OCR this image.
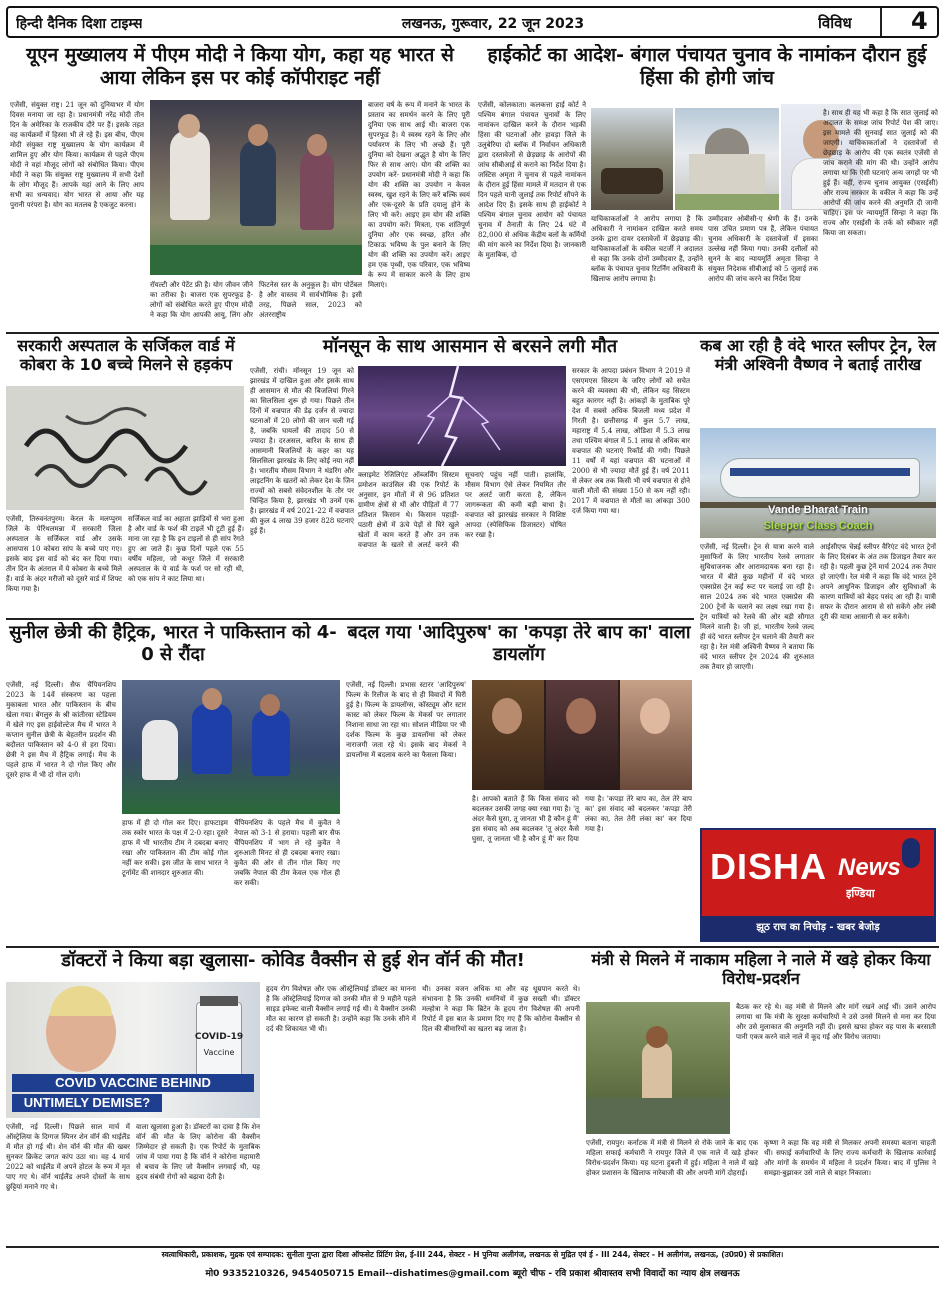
हिन्दी दैनिक दिशा टाइम्स	लखनऊ, गुरूवार, 22 जून 2023	विविध 4
यूएन मुख्यालय में पीएम मोदी ने किया योग, कहा यह भारत से आया लेकिन इस पर कोई कॉपीराइट नहीं
एजेंसी, संयुक्त राष्ट्र। 21 जून को दुनियाभर में योग दिवस मनाया जा रहा है। प्रधानमंत्री नरेंद्र मोदी तीन दिन के अमेरिका के राजकीय दौरे पर हैं। इसके तहत वह कार्यक्रमों में हिस्सा भी ले रहे हैं। इस बीच, पीएम मोदी संयुक्त राष्ट्र मुख्यालय के योग कार्यक्रम में शामिल हुए और योग किया। कार्यक्रम से पहले पीएम मोदी ने वहां मौजूद लोगों को संबोधित किया। पीएम मोदी ने कहा कि संयुक्त राष्ट्र मुख्यालय में सभी देशों के लोग मौजूद हैं। आपके यहां आने के लिए आप सभी का धन्यवाद। योग भारत से आया और यह पुरानी परंपरा है। योग का मतलब है एकजुट करना।
रॉयल्टी और पेटेंट फ्री है। योग जीवन जीने का तरीका है। बाजरा एक सुपरफूड है- लोगों को संबोधित करते हुए पीएम मोदी ने कहा कि योग आपकी आयु, लिंग और फिटनेस स्तर के अनुकूल है। योग पोर्टेबल है और वास्तव में सार्वभौमिक है। इसी तरह, पिछले साल, 2023 को अंतरराष्ट्रीय
बाजरा वर्ष के रूप में मनाने के भारत के प्रस्ताव का समर्थन करने के लिए पूरी दुनिया एक साथ आई थी। बाजरा एक सुपरफूड है। ये स्वस्थ रहने के लिए और पर्यावरण के लिए भी अच्छे हैं। पूरी दुनिया को देखना अद्भुत है योग के लिए फिर से साथ आएं। योग की शक्ति का उपयोग करें- प्रधानमंत्री मोदी ने कहा कि योग की शक्ति का उपयोग न केवल स्वस्थ, खुश रहने के लिए करें बल्कि स्वयं और एक-दूसरे के प्रति दयालु होने के लिए भी करें। आइए हम योग की शक्ति का उपयोग करें। मित्रता, एक शांतिपूर्ण दुनिया और एक स्वच्छ, हरित और टिकाऊ भविष्य के पुल बनाने के लिए योग की शक्ति का उपयोग करें। आइए हम एक पृथ्वी, एक परिवार, एक भविष्य के रूप में साकार करने के लिए हाथ मिलाएं।
हाईकोर्ट का आदेश- बंगाल पंचायत चुनाव के नामांकन दौरान हुई हिंसा की होगी जांच
एजेंसी, कोलकाता। कलकत्ता हाई कोर्ट ने पश्चिम बंगाल पंचायत चुनावों के लिए नामांकन दाखिल करने के दौरान भड़की हिंसा की घटनाओं और हावड़ा जिले के उलुबेरिया दो ब्लॉक में निर्वाचन अधिकारी द्वारा दस्तावेजों से छेड़छाड़ के आरोपों की जांच सीबीआई से कराने का निर्देश दिया है। जस्टिस अमृता ने चुनाव से पहले नामांकन के दौरान हुई हिंसा मामले में मतदान से एक दिन पहले यानी जुलाई तक रिपोर्ट सौंपने के आदेश दिए हैं। इसके साथ ही हाईकोर्ट ने पश्चिम बंगाल चुनाव आयोग को पंचायत चुनाव में तैनाती के लिए 24 घंटे में 82,000 से अधिक केंद्रीय बलों के कर्मियों की मांग करने का निर्देश दिया है। जानकारी के मुताबिक, दो
याचिकाकर्ताओं ने आरोप लगाया है कि अधिकारी ने नामांकन दाखिल करते समय उनके द्वारा दायर दस्तावेजों में छेड़छाड़ की। याचिकाकर्ताओं के वकील चटर्जी ने अदालत से कहा कि उनके दोनों उम्मीदवार हैं, उन्होंने ब्लॉक के पंचायत चुनाव रिटर्निंग अधिकारी के खिलाफ आरोप लगाया है।
उम्मीदवार ओबीसी-ए श्रेणी के हैं। उनके पास उचित प्रमाण पत्र हैं, लेकिन पंचायत चुनाव अधिकारी के दस्तावेजों में इसका उल्लेख नहीं किया गया। उनकी दलीलों को सुनने के बाद न्यायमूर्ति अमृता सिन्हा ने संयुक्त निदेशक सीबीआई को 5 जुलाई तक आरोप की जांच करने का निर्देश दिया
है। साथ ही यह भी कहा है कि सात जुलाई को अदालत के समक्ष जांच रिपोर्ट पेश की जाए। इस मामले की सुनवाई सात जुलाई को की जाएगी। याचिकाकर्ताओं ने दस्तावेजों से छेड़छाड़ के आरोप की एक स्वतंत्र एजेंसी से जांच कराने की मांग की थी। उन्होंने आरोप लगाया था कि ऐसी घटनाएं अन्य जगहों पर भी हुई हैं। वहीं, राज्य चुनाव आयुक्त (एसईसी) और राज्य सरकार के वकील ने कहा कि उन्हें आरोपों की जांच करने की अनुमति दी जानी चाहिए। इस पर न्यायमूर्ति सिन्हा ने कहा कि राज्य और एसईसी के तर्क को स्वीकार नहीं किया जा सकता।
सरकारी अस्पताल के सर्जिकल वार्ड में कोबरा के 10 बच्चे मिलने से हड़कंप
एजेंसी, तिरुवनंतपुरम। केरल के मलप्पुरम जिले के पेरिंथलमन्ना में सरकारी जिला अस्पताल के सर्जिकल वार्ड और उसके आसपास 10 कोबरा सांप के बच्चे पाए गए। इसके बाद इस वार्ड को बंद कर दिया गया। तीन दिन के अंतराल में ये कोबरा के बच्चे मिले हैं। वार्ड के अंदर मरीजों को दूसरे वार्ड में शिफ्ट किया गया है।
सर्जिकल वार्ड का अहाता झाड़ियों से भरा हुआ है और वार्ड के फर्श की टाइलें भी टूटी हुई हैं। माना जा रहा है कि इन टाइलों से ही सांप रेंगते हुए आ जाते हैं। कुछ दिनों पहले एक 55 वर्षीय महिला, जो कथूर जिले में सरकारी अस्पताल के ये वार्ड के फर्श पर सो रही थी, को एक सांप ने काट लिया था।
मॉनसून के साथ आसमान से बरसने लगी मौत
एजेंसी, रांची। मॉनसून 19 जून को झारखंड में दाखिल हुआ और इसके साथ ही आसमान से मौत की बिजलियां गिरने का सिलसिला शुरू हो गया। पिछले तीन दिनों में वज्रपात की डेढ़ दर्जन से ज्यादा घटनाओं में 20 लोगों की जान चली गई है, जबकि घायलों की तादाद 50 से ज्यादा है। दरअसल, बारिश के साथ ही आसमानी बिजलियों के कहर का यह सिलसिला झारखंड के लिए कोई नया नहीं है। भारतीय मौसम विभाग ने थंडरिंग और लाइटनिंग के खतरों को लेकर देश के जिन राज्यों को सबसे संवेदनशील के तौर पर चिन्हित किया है, झारखंड भी उनमें एक है। झारखंड में वर्ष 2021-22 में वज्रपात की कुल 4 लाख 39 हजार 828 घटनाएं हुई हैं।
क्लाइमेट रेजिलिएंट ऑब्जर्विंग सिस्टम प्रमोशन काउंसिल की एक रिपोर्ट के अनुसार, इन मौतों में से 96 प्रतिशत ग्रामीण क्षेत्रों से थीं और पीड़ितों में 77 प्रतिशत किसान थे। किसान पहाड़ी-पठारी क्षेत्रों में ऊंचे पेड़ों से घिरे खुले खेतों में काम करते हैं और उन तक वज्रपात के खतरे से अलर्ट करने की सूचनाएं पहुंच नहीं पाती। हालांकि, मौसम विभाग ऐसे लेकर नियमित तौर पर अलर्ट जारी करता है, लेकिन जागरूकता की कमी बड़ी बाधा है। वज्रपात को झारखंड सरकार ने विशिष्ट आपदा (स्पेसिफिक डिजास्टर) घोषित कर रखा है।
सरकार के आपदा प्रबंधन विभाग ने 2019 में एसएमएस सिस्टम के जरिए लोगों को सचेत करने की व्यवस्था की थी, लेकिन यह सिस्टम बहुत कारगर नहीं है। आंकड़ों के मुताबिक पूरे देश में सबसे अधिक बिजली मध्य प्रदेश में गिरती है। छत्तीसगढ़ में कुल 5.7 लाख, महाराष्ट्र में 5.4 लाख, ओडिशा में 5.3 लाख तथा पश्चिम बंगाल में 5.1 लाख से अधिक बार वज्रपात की घटनाएं रिकॉर्ड की गयी। पिछले 11 वर्षों में यहां वज्रपात की घटनाओं में 2000 से भी ज्यादा मौतें हुई हैं। वर्ष 2011 से लेकर अब तक किसी भी वर्ष वज्रपात से होने वाली मौतों की संख्या 150 से कम नहीं रही। 2017 में वज्रपात से मौतों का आंकड़ा 300 दर्ज किया गया था।
कब आ रही है वंदे भारत स्लीपर ट्रेन, रेल मंत्री अश्विनी वैष्णव ने बताई तारीख
Vande Bharat Train
Sleeper Class Coach
एजेंसी, नई दिल्ली। ट्रेन से यात्रा करने वाले मुसाफिरों के लिए भारतीय रेलवे लगातार सुविधाजनक और आरामदायक बना रहा है। भारत में बीते कुछ महीनों में वंदे भारत एक्सप्रेस ट्रेन कई रूट पर चलाई जा रही है। साल 2024 तक वंदे भारत एक्सप्रेस की 200 ट्रेनों के चलाने का लक्ष्य रखा गया है। ट्रेन यात्रियों को रेलवे की ओर बड़ी सौगात मिलने वाली है। जी हां, भारतीय रेलवे जल्द ही वंदे भारत स्लीपर ट्रेन चलाने की तैयारी कर रहा है। रेल मंत्री अश्विनी वैष्णव ने बताया कि वंदे भारत स्लीपर ट्रेन 2024 की शुरुआत तक तैयार हो जाएगी।
आईसीएफ चेन्नई स्लीपर वैरिएंट वंदे भारत ट्रेनों के लिए दिसंबर के अंत तक डिजाइन तैयार कर रही है। पहली कुछ ट्रेनें मार्च 2024 तक तैयार हो जाएंगी। रेल मंत्री ने कहा कि वंदे भारत ट्रेनें अपने आधुनिक डिजाइन और सुविधाओं के कारण यात्रियों को बेहद पसंद आ रही हैं। यात्री सफर के दौरान आराम से सो सकेंगे और लंबी दूरी की यात्रा आसानी से कर सकेंगे।
सुनील छेत्री की हैट्रिक, भारत ने पाकिस्तान को 4-0 से रौंदा
एजेंसी, नई दिल्ली। सैफ चैंपियनशिप 2023 के 14वें संस्करण का पहला मुकाबला भारत और पाकिस्तान के बीच खेला गया। बेंगलुरु के श्री कांतीरवा स्टेडियम में खेले गए इस हाईवोल्टेज मैच में भारत ने कप्तान सुनील छेत्री के बेहतरीन प्रदर्शन की बदौलत पाकिस्तान को 4-0 से हरा दिया। छेत्री ने इस मैच में हैट्रिक लगाई। मैच के पहले हाफ में भारत ने दो गोल किए और दूसरे हाफ में भी दो गोल दागे।
हाफ में ही दो गोल कर दिए। हाफटाइम तक स्कोर भारत के पक्ष में 2-0 रहा। दूसरे हाफ में भी भारतीय टीम ने दबदबा बनाए रखा और पाकिस्तान की टीम कोई गोल नहीं कर सकी। इस जीत के साथ भारत ने टूर्नामेंट की शानदार शुरुआत की।
चैंपियनशिप के पहले मैच में कुवैत ने नेपाल को 3-1 से हराया। पहली बार सैफ चैंपियनशिप में भाग ले रहे कुवैत ने शुरुआती मिनट से ही दबदबा बनाए रखा। कुवैत की ओर से तीन गोल किए गए जबकि नेपाल की टीम केवल एक गोल ही कर सकी।
बदल गया 'आदिपुरुष' का 'कपड़ा तेरे बाप का' वाला डायलॉग
एजेंसी, नई दिल्ली। प्रभास स्टारर 'आदिपुरुष' फिल्म के रिलीज के बाद से ही विवादों में घिरी हुई है। फिल्म के डायलॉग्स, कॉस्ट्यूम और स्टार कास्ट को लेकर फिल्म के मेकर्स पर लगातार निशाना साधा जा रहा था। सोशल मीडिया पर भी दर्शक फिल्म के कुछ डायलॉग्स को लेकर नाराजगी जता रहे थे। इसके बाद मेकर्स ने डायलॉग्स में बदलाव करने का फैसला किया।
है। आपको बताते हैं कि किस संवाद को बदलकर उसकी जगह क्या रखा गया है। 'तू अंदर कैसे घुसा, तू जानता भी है कौन हूं मैं' इस संवाद को अब बदलकर 'तू अंदर कैसे घुसा, तू जानता भी है कौन हूं मैं' कर दिया गया है। 'कपड़ा तेरे बाप का, तेल तेरे बाप का' इस संवाद को बदलकर 'कपड़ा तेरी लंका का, तेल तेरी लंका का' कर दिया गया है।
DISHA News
इण्डिया
झूठ राच का निचोड़ - खबर बेजोड़
डॉक्टरों ने किया बड़ा खुलासा- कोविड वैक्सीन से हुई शेन वॉर्न की मौत!
COVID-19
Vaccine
COVID VACCINE BEHIND
UNTIMELY DEMISE?
एजेंसी, नई दिल्ली। पिछले साल मार्च में ऑस्ट्रेलिया के दिग्गज स्पिनर शेन वॉर्न की थाईलैंड में मौत हो गई थी। शेन वॉर्न की मौत की खबर सुनकर क्रिकेट जगत कांप उठा था। वह 4 मार्च 2022 को थाईलैंड में अपने होटल के रूम में मृत पाए गए थे। वॉर्न थाईलैंड अपने दोस्तों के साथ छुट्टियां मनाने गए थे।
वाला खुलासा हुआ है। डॉक्टरों का दावा है कि शेन वॉर्न की मौत के लिए कोरोना की वैक्सीन जिम्मेदार हो सकती है। एक रिपोर्ट के मुताबिक जांच में पाया गया है कि वॉर्न ने कोरोना महामारी से बचाव के लिए जो वैक्सीन लगवाई थी, यह हृदय संबंधी रोगों को बढ़ावा देती है।
हृदय रोग विशेषज्ञ और एक ऑस्ट्रेलियाई डॉक्टर का मानना है कि ऑस्ट्रेलियाई दिग्गज को उनकी मौत से 9 महीने पहले साइड इफेक्ट वाली वैक्सीन लगाई गई थी। ये वैक्सीन उनकी मौत का कारण हो सकती है। उन्होंने कहा कि उनके सीने में दर्द की शिकायत भी थी।
थी। उनका वजन अधिक था और वह धूम्रपान करते थे। संभावना है कि उनकी धमनियों में कुछ सख्ती थी। डॉक्टर मल्होत्रा ने कहा कि ब्रिटेन के हृदय रोग विशेषज्ञ की अपनी रिपोर्ट में इस बात के प्रमाण दिए गए हैं कि कोरोना वैक्सीन से दिल की बीमारियों का खतरा बढ़ जाता है।
मंत्री से मिलने में नाकाम महिला ने नाले में खड़े होकर किया विरोध-प्रदर्शन
बैठक कर रहे थे। वह मंत्री से मिलने और मांगें रखने आई थीं। उसने आरोप लगाया था कि मंत्री के सुरक्षा कर्मचारियों ने उसे उनसे मिलने से मना कर दिया और उसे मुलाकात की अनुमति नहीं दी। इससे खफा होकर वह पास के बरसाती पानी एकत्र करने वाले नाले में कूद गई और विरोध जताया।
एजेंसी, रायपुर। कर्नाटक में मंत्री से मिलने से रोके जाने के बाद एक महिला सफाई कर्मचारी ने रायपुर जिले में एक नाले में खड़े होकर विरोध-प्रदर्शन किया। यह घटना हुबली में हुई। महिला ने नाले में खड़े होकर प्रशासन के खिलाफ नारेबाजी की और अपनी मांगें दोहराईं।
कृष्णा ने कहा कि वह मंत्री से मिलकर अपनी समस्या बताना चाहती थीं। सफाई कर्मचारियों के लिए राज्य कर्मचारी के खिलाफ कार्रवाई और मांगों के समर्थन में महिला ने प्रदर्शन किया। बाद में पुलिस ने समझा-बुझाकर उसे नाले से बाहर निकाला।
स्वत्वाधिकारी, प्रकाशक, मुद्रक एवं सम्पादक: सुनीता गुप्ता द्वारा दिशा ऑफसेट प्रिंटिंग प्रेस, ई-III 244, सेक्टर - H पुनिया अलीगंज, लखनऊ से मुद्रित एवं ई - III 244, सेक्टर - H अलीगंज, लखनऊ, (उ0प्र0) से प्रकाशित।
मो0 9335210326, 9454050715 Email--dishatimes@gmail.com ब्यूरो चीफ - रवि प्रकाश श्रीवास्तव सभी विवादों का न्याय क्षेत्र लखनऊ
